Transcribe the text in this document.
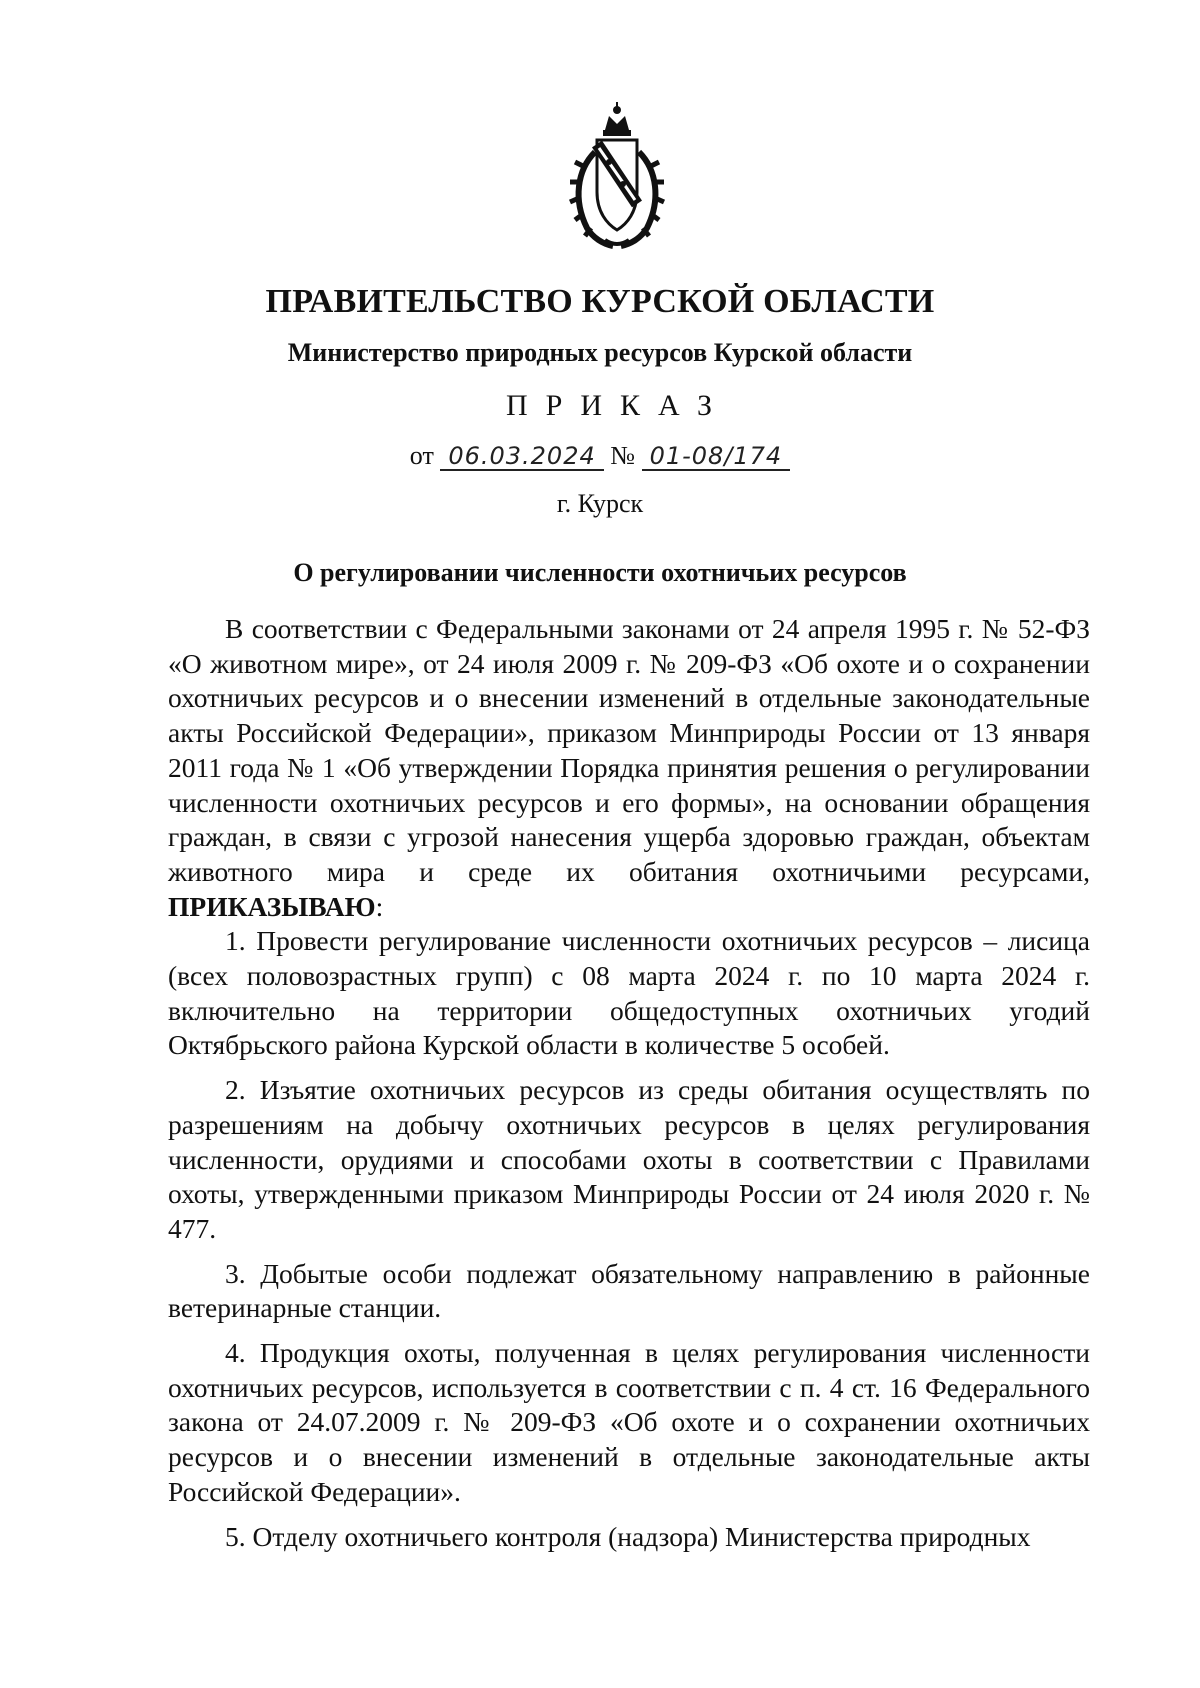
ПРАВИТЕЛЬСТВО КУРСКОЙ ОБЛАСТИ
Министерство природных ресурсов Курской области
ПРИКАЗ
от 06.03.2024 № 01-08/174
г. Курск
О регулировании численности охотничьих ресурсов

В соответствии с Федеральными законами от 24 апреля 1995 г. № 52-ФЗ «О животном мире», от 24 июля 2009 г. № 209-ФЗ «Об охоте и о сохранении охотничьих ресурсов и о внесении изменений в отдельные законодательные акты Российской Федерации», приказом Минприроды России от 13 января 2011 года № 1 «Об утверждении Порядка принятия решения о регулировании численности охотничьих ресурсов и его формы», на основании обращения граждан, в связи с угрозой нанесения ущерба здоровью граждан, объектам животного мира и среде их обитания охотничьими ресурсами, ПРИКАЗЫВАЮ:

1. Провести регулирование численности охотничьих ресурсов – лисица (всех половозрастных групп) с 08 марта 2024 г. по 10 марта 2024 г. включительно на территории общедоступных охотничьих угодий Октябрьского района Курской области в количестве 5 особей.

2. Изъятие охотничьих ресурсов из среды обитания осуществлять по разрешениям на добычу охотничьих ресурсов в целях регулирования численности, орудиями и способами охоты в соответствии с Правилами охоты, утвержденными приказом Минприроды России от 24 июля 2020 г. № 477.

3. Добытые особи подлежат обязательному направлению в районные ветеринарные станции.

4. Продукция охоты, полученная в целях регулирования численности охотничьих ресурсов, используется в соответствии с п. 4 ст. 16 Федерального закона от 24.07.2009 г. № 209-ФЗ «Об охоте и о сохранении охотничьих ресурсов и о внесении изменений в отдельные законодательные акты Российской Федерации».

5. Отделу охотничьего контроля (надзора) Министерства природных
